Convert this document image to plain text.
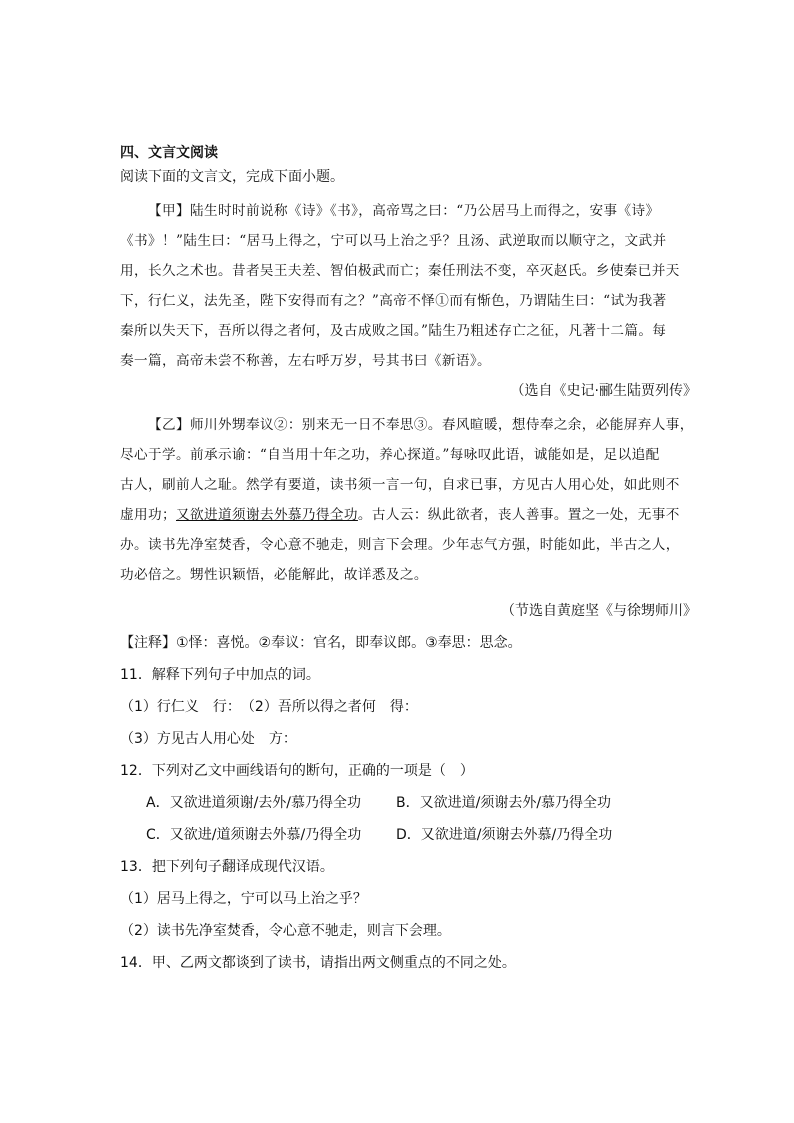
四、文言文阅读
阅读下面的文言文，完成下面小题。
【甲】陆生时时前说称《诗》《书》，高帝骂之曰：“乃公居马上而得之，安事《诗》
《书》！”陆生曰：“居马上得之，宁可以马上治之乎？且汤、武逆取而以顺守之，文武并
用，长久之术也。昔者吴王夫差、智伯极武而亡；秦任刑法不变，卒灭赵氏。乡使秦已并天
下，行仁义，法先圣，陛下安得而有之？”高帝不怿①而有惭色，乃谓陆生曰：“试为我著
秦所以失天下，吾所以得之者何，及古成败之国。”陆生乃粗述存亡之征，凡著十二篇。每
奏一篇，高帝未尝不称善，左右呼万岁，号其书曰《新语》。
（选自《史记·郦生陆贾列传》
【乙】师川外甥奉议②：别来无一日不奉思③。春风暄暖，想侍奉之余，必能屏弃人事，
尽心于学。前承示谕：“自当用十年之功，养心探道。”每咏叹此语，诚能如是，足以追配
古人，刷前人之耻。然学有要道，读书须一言一句，自求已事，方见古人用心处，如此则不
虚用功；又欲进道须谢去外慕乃得全功。古人云：纵此欲者，丧人善事。置之一处，无事不
办。读书先净室焚香，令心意不驰走，则言下会理。少年志气方强，时能如此，半古之人，
功必倍之。甥性识颖悟，必能解此，故详悉及之。
（节选自黄庭坚《与徐甥师川》
【注释】①怿：喜悦。②奉议：官名，即奉议郎。③奉思：思念。
11．解释下列句子中加点的词。
（1）行仁义　行：　（2）吾所以得之者何　得：
（3）方见古人用心处　方：
12．下列对乙文中画线语句的断句，正确的一项是（　）
A．又欲进道须谢/去外/慕乃得全功 B．又欲进道/须谢去外/慕乃得全功
C．又欲进/道须谢去外慕/乃得全功 D．又欲进道/须谢去外慕/乃得全功
13．把下列句子翻译成现代汉语。
（1）居马上得之，宁可以马上治之乎？
（2）读书先净室焚香，令心意不驰走，则言下会理。
14．甲、乙两文都谈到了读书，请指出两文侧重点的不同之处。
